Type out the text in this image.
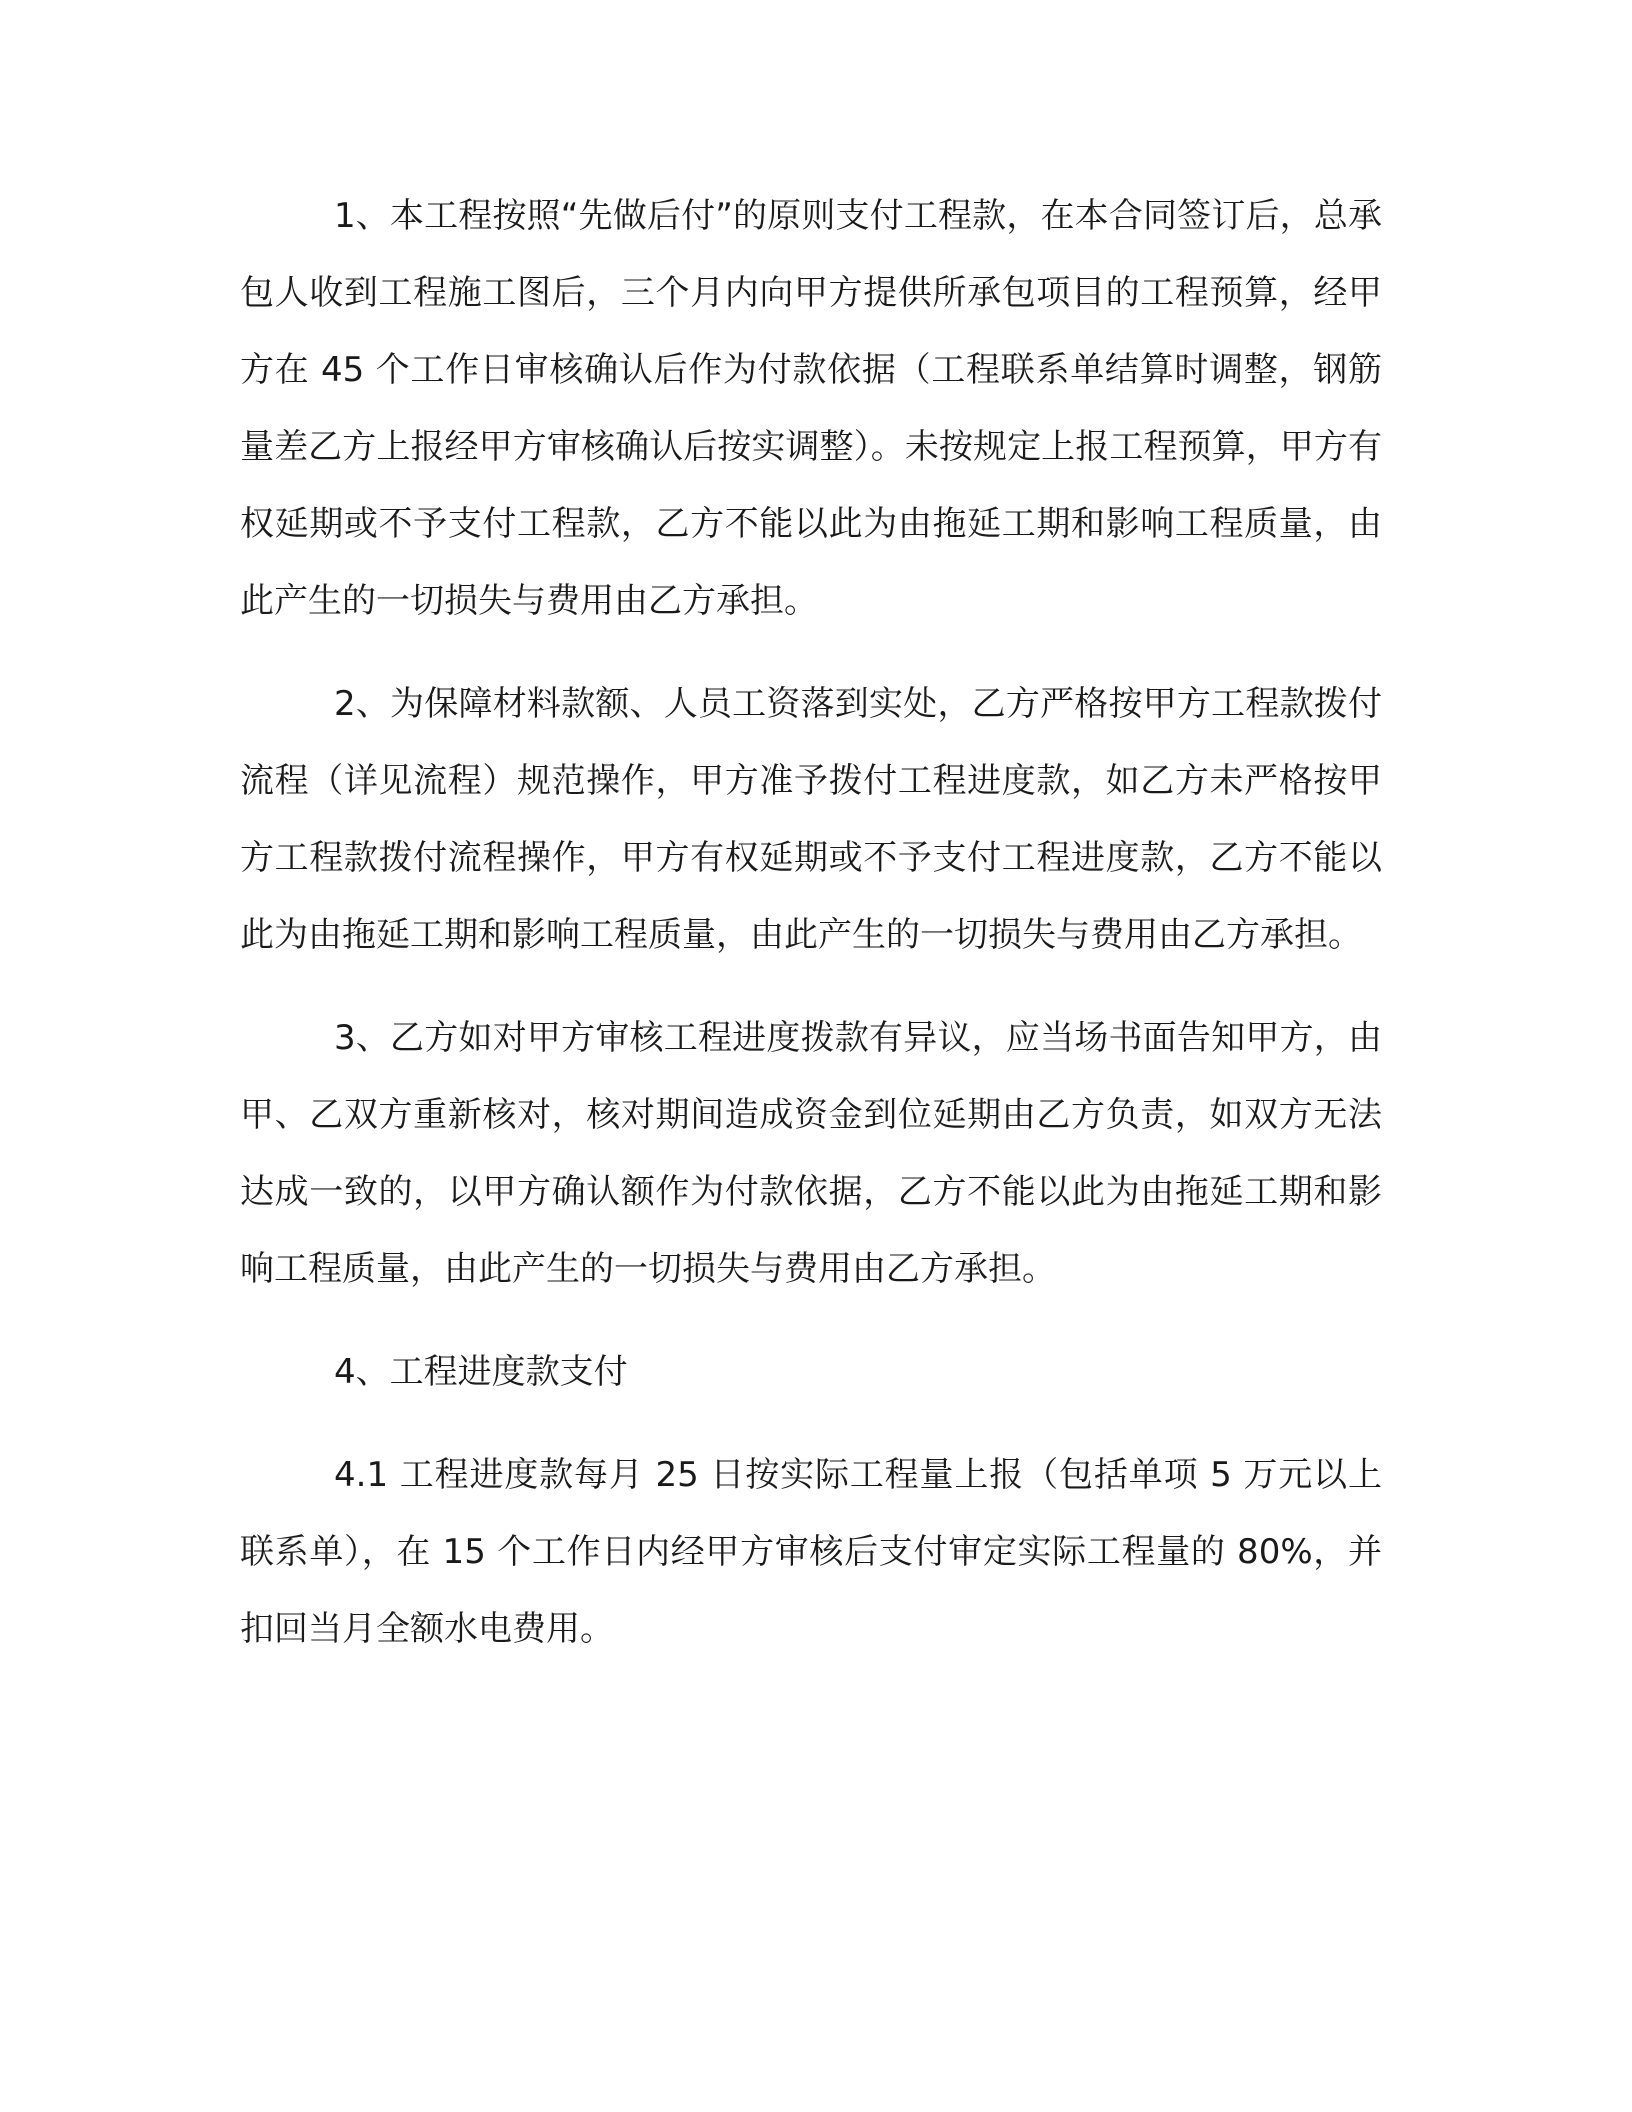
1、本工程按照“先做后付”的原则支付工程款，在本合同签订后，总承包人收到工程施工图后，三个月内向甲方提供所承包项目的工程预算，经甲方在 45 个工作日审核确认后作为付款依据（工程联系单结算时调整，钢筋量差乙方上报经甲方审核确认后按实调整）。未按规定上报工程预算，甲方有权延期或不予支付工程款，乙方不能以此为由拖延工期和影响工程质量，由此产生的一切损失与费用由乙方承担。

2、为保障材料款额、人员工资落到实处，乙方严格按甲方工程款拨付流程（详见流程）规范操作，甲方准予拨付工程进度款，如乙方未严格按甲方工程款拨付流程操作，甲方有权延期或不予支付工程进度款，乙方不能以此为由拖延工期和影响工程质量，由此产生的一切损失与费用由乙方承担。

3、乙方如对甲方审核工程进度拨款有异议，应当场书面告知甲方，由甲、乙双方重新核对，核对期间造成资金到位延期由乙方负责，如双方无法达成一致的，以甲方确认额作为付款依据，乙方不能以此为由拖延工期和影响工程质量，由此产生的一切损失与费用由乙方承担。

4、工程进度款支付

4.1 工程进度款每月 25 日按实际工程量上报（包括单项 5 万元以上联系单），在 15 个工作日内经甲方审核后支付审定实际工程量的 80%，并扣回当月全额水电费用。
